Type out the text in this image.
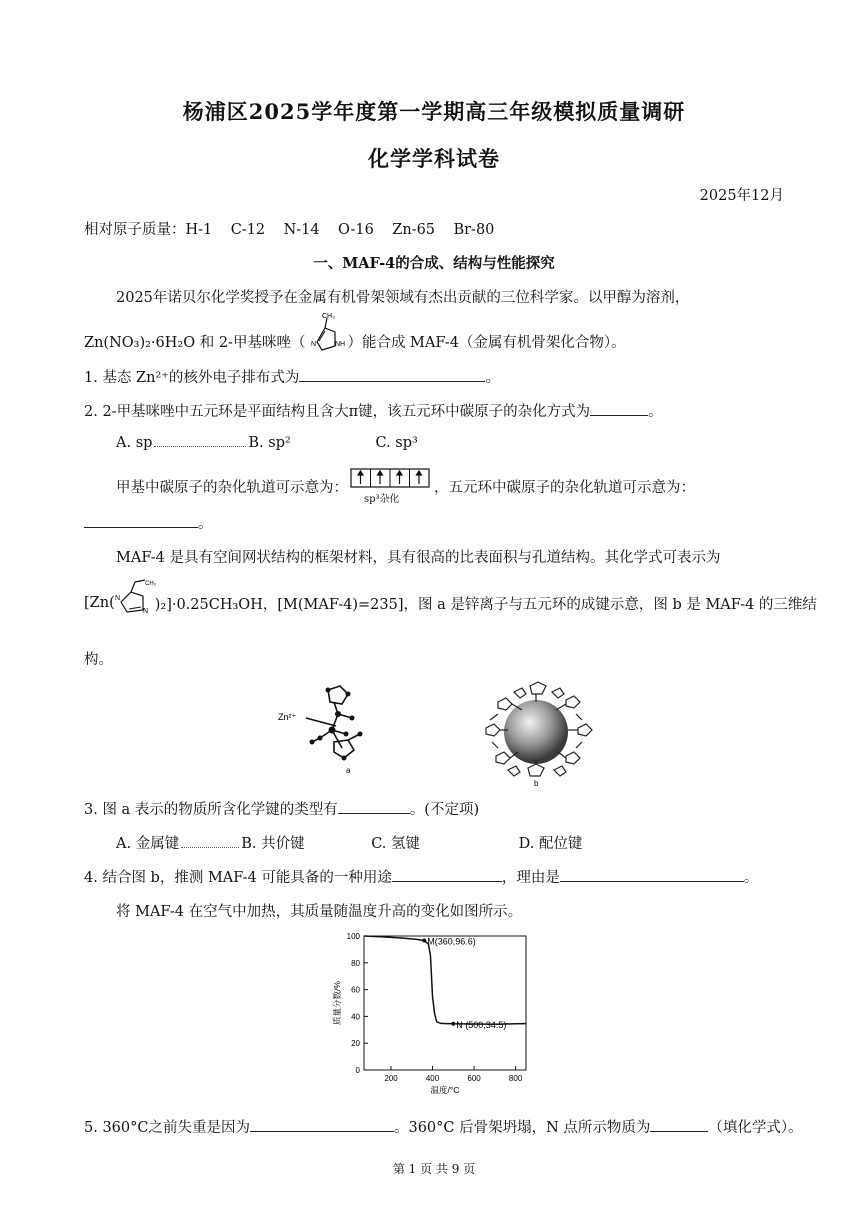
杨浦区2025学年度第一学期高三年级模拟质量调研
化学学科试卷
2025年12月
相对原子质量：H-1    C-12    N-14    O-16    Zn-65    Br-80
一、MAF-4的合成、结构与性能探究
2025年诺贝尔化学奖授予在金属有机骨架领域有杰出贡献的三位科学家。以甲醇为溶剂，
Zn(NO₃)₂·6H₂O 和 2-甲基咪唑（
CH₃
N	NH ）能合成 MAF-4（金属有机骨架化合物）。
1. 基态 Zn²⁺的核外电子排布式为	。
2. 2-甲基咪唑中五元环是平面结构且含大π键，该五元环中碳原子的杂化方式为	。
A. sp	B. sp²	C. sp³
甲基中碳原子的杂化轨道可示意为：
sp³杂化
，五元环中碳原子的杂化轨道可示意为：
。
MAF-4 是具有空间网状结构的框架材料，具有很高的比表面积与孔道结构。其化学式可表示为
[Zn(
CH₃
N
N )₂]·0.25CH₃OH，[M(MAF-4)=235]，图 a 是锌离子与五元环的成键示意，图 b 是 MAF-4 的三维结
构。
Zn²⁺
a
b
3. 图 a 表示的物质所含化学键的类型有	。(不定项)
A. 金属键	B. 共价键	C. 氢键	D. 配位键
4. 结合图 b，推测 MAF-4 可能具备的一种用途	，理由是	。
将 MAF-4 在空气中加热，其质量随温度升高的变化如图所示。
0
20
40
60
80
100
200	400	600	800
温度/°C
质量分数/%
M(360,96.6)
N (500,34.5)
5. 360°C之前失重是因为	。360°C 后骨架坍塌，N 点所示物质为	（填化学式）。
第 1 页 共 9 页
